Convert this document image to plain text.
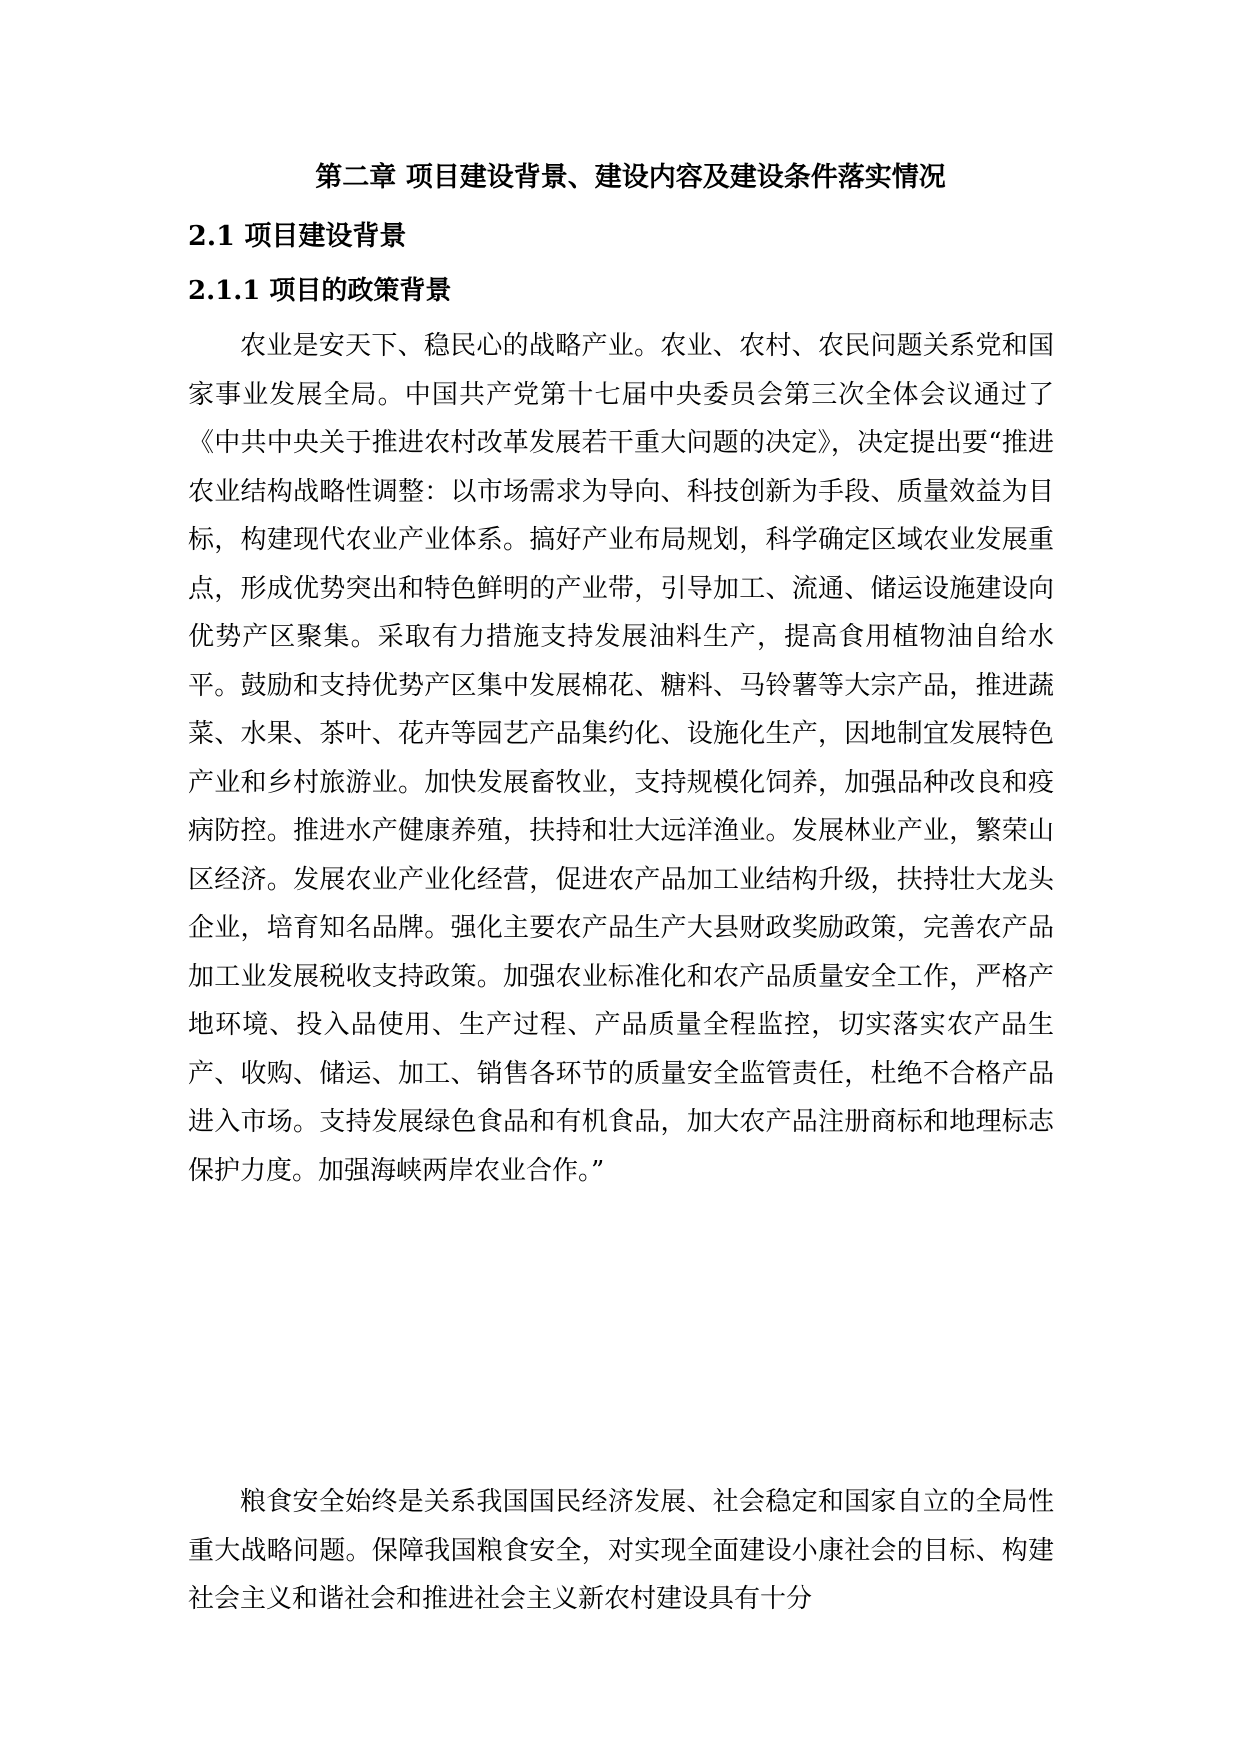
第二章 项目建设背景、建设内容及建设条件落实情况
2.1 项目建设背景
2.1.1 项目的政策背景

农业是安天下、稳民心的战略产业。农业、农村、农民问题关系党和国家事业发展全局。中国共产党第十七届中央委员会第三次全体会议通过了《中共中央关于推进农村改革发展若干重大问题的决定》，决定提出要“推进农业结构战略性调整：以市场需求为导向、科技创新为手段、质量效益为目标，构建现代农业产业体系。搞好产业布局规划，科学确定区域农业发展重点，形成优势突出和特色鲜明的产业带，引导加工、流通、储运设施建设向优势产区聚集。采取有力措施支持发展油料生产，提高食用植物油自给水平。鼓励和支持优势产区集中发展棉花、糖料、马铃薯等大宗产品，推进蔬菜、水果、茶叶、花卉等园艺产品集约化、设施化生产，因地制宜发展特色产业和乡村旅游业。加快发展畜牧业，支持规模化饲养，加强品种改良和疫病防控。推进水产健康养殖，扶持和壮大远洋渔业。发展林业产业，繁荣山区经济。发展农业产业化经营，促进农产品加工业结构升级，扶持壮大龙头企业，培育知名品牌。强化主要农产品生产大县财政奖励政策，完善农产品加工业发展税收支持政策。加强农业标准化和农产品质量安全工作，严格产地环境、投入品使用、生产过程、产品质量全程监控，切实落实农产品生产、收购、储运、加工、销售各环节的质量安全监管责任，杜绝不合格产品进入市场。支持发展绿色食品和有机食品，加大农产品注册商标和地理标志保护力度。加强海峡两岸农业合作。”

粮食安全始终是关系我国国民经济发展、社会稳定和国家自立的全局性重大战略问题。保障我国粮食安全，对实现全面建设小康社会的目标、构建社会主义和谐社会和推进社会主义新农村建设具有十分
